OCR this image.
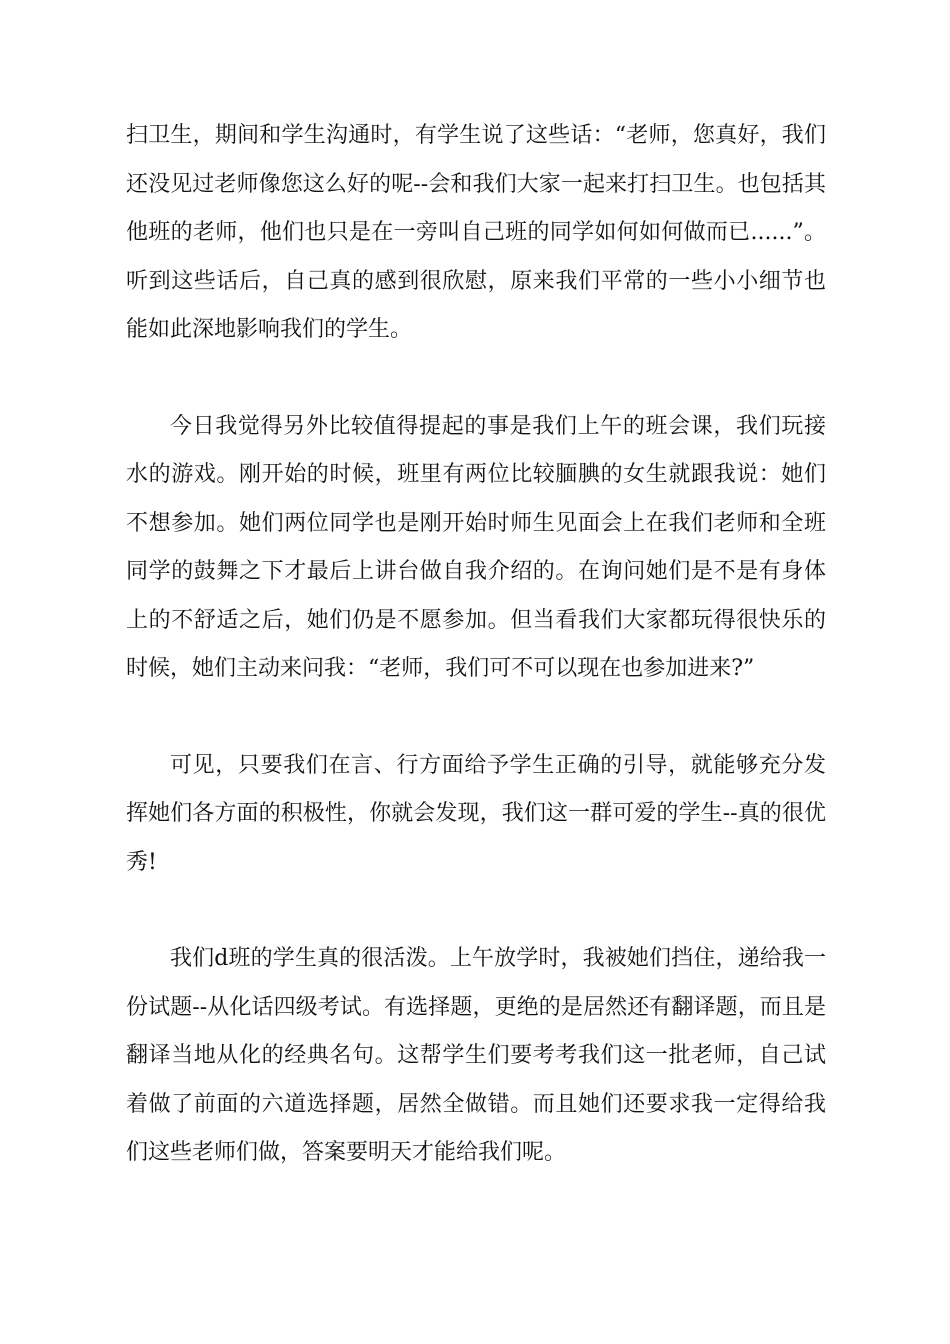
扫卫生，期间和学生沟通时，有学生说了这些话：“老师，您真好，我们还没见过老师像您这么好的呢--会和我们大家一起来打扫卫生。也包括其他班的老师，他们也只是在一旁叫自己班的同学如何如何做而已......”。听到这些话后，自己真的感到很欣慰，原来我们平常的一些小小细节也能如此深地影响我们的学生。

今日我觉得另外比较值得提起的事是我们上午的班会课，我们玩接水的游戏。刚开始的时候，班里有两位比较腼腆的女生就跟我说：她们不想参加。她们两位同学也是刚开始时师生见面会上在我们老师和全班同学的鼓舞之下才最后上讲台做自我介绍的。在询问她们是不是有身体上的不舒适之后，她们仍是不愿参加。但当看我们大家都玩得很快乐的时候，她们主动来问我：“老师，我们可不可以现在也参加进来?”

可见，只要我们在言、行方面给予学生正确的引导，就能够充分发挥她们各方面的积极性，你就会发现，我们这一群可爱的学生--真的很优秀!

我们d班的学生真的很活泼。上午放学时，我被她们挡住，递给我一份试题--从化话四级考试。有选择题，更绝的是居然还有翻译题，而且是翻译当地从化的经典名句。这帮学生们要考考我们这一批老师，自己试着做了前面的六道选择题，居然全做错。而且她们还要求我一定得给我们这些老师们做，答案要明天才能给我们呢。
